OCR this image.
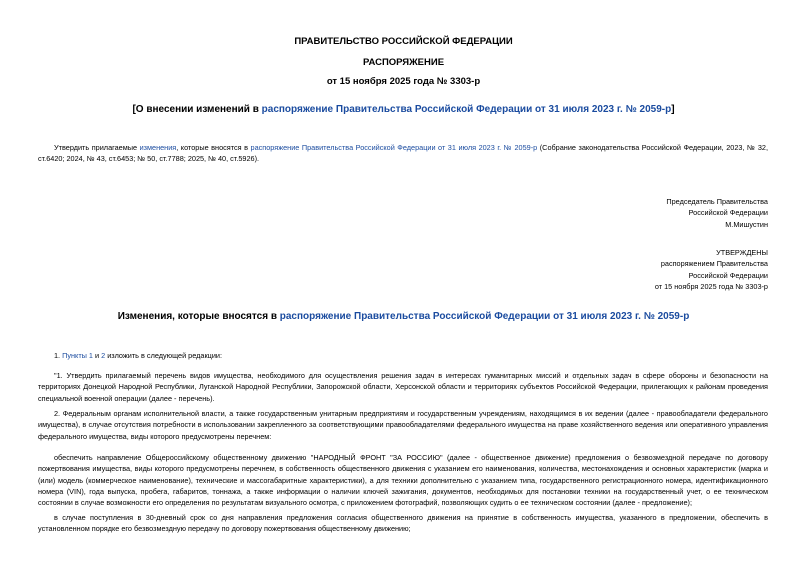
ПРАВИТЕЛЬСТВО РОССИЙСКОЙ ФЕДЕРАЦИИ
РАСПОРЯЖЕНИЕ
от 15 ноября 2025 года № 3303-р
[О внесении изменений в распоряжение Правительства Российской Федерации от 31 июля 2023 г. № 2059-р]
Утвердить прилагаемые изменения, которые вносятся в распоряжение Правительства Российской Федерации от 31 июля 2023 г. № 2059-р (Собрание законодательства Российской Федерации, 2023, № 32, ст.6420; 2024, № 43, ст.6453; № 50, ст.7788; 2025, № 40, ст.5926).
Председатель Правительства
Российской Федерации
М.Мишустин
УТВЕРЖДЕНЫ
распоряжением Правительства
Российской Федерации
от 15 ноября 2025 года № 3303-р
Изменения, которые вносятся в распоряжение Правительства Российской Федерации от 31 июля 2023 г. № 2059-р
1. Пункты 1 и 2 изложить в следующей редакции:
"1. Утвердить прилагаемый перечень видов имущества, необходимого для осуществления решения задач в интересах гуманитарных миссий и отдельных задач в сфере обороны и безопасности на территориях Донецкой Народной Республики, Луганской Народной Республики, Запорожской области, Херсонской области и территориях субъектов Российской Федерации, прилегающих к районам проведения специальной военной операции (далее - перечень).
2. Федеральным органам исполнительной власти, а также государственным унитарным предприятиям и государственным учреждениям, находящимся в их ведении (далее - правообладатели федерального имущества), в случае отсутствия потребности в использовании закрепленного за соответствующими правообладателями федерального имущества на праве хозяйственного ведения или оперативного управления федерального имущества, виды которого предусмотрены перечнем:
обеспечить направление Общероссийскому общественному движению "НАРОДНЫЙ ФРОНТ "ЗА РОССИЮ" (далее - общественное движение) предложения о безвозмездной передаче по договору пожертвования имущества, виды которого предусмотрены перечнем, в собственность общественного движения с указанием его наименования, количества, местонахождения и основных характеристик (марка и (или) модель (коммерческое наименование), технические и массогабаритные характеристики), а для техники дополнительно с указанием типа, государственного регистрационного номера, идентификационного номера (VIN), года выпуска, пробега, габаритов, тоннажа, а также информации о наличии ключей зажигания, документов, необходимых для постановки техники на государственный учет, о ее техническом состоянии в случае возможности его определения по результатам визуального осмотра, с приложением фотографий, позволяющих судить о ее техническом состоянии (далее - предложение);
в случае поступления в 30-дневный срок со дня направления предложения согласия общественного движения на принятие в собственность имущества, указанного в предложении, обеспечить в установленном порядке его безвозмездную передачу по договору пожертвования общественному движению;
